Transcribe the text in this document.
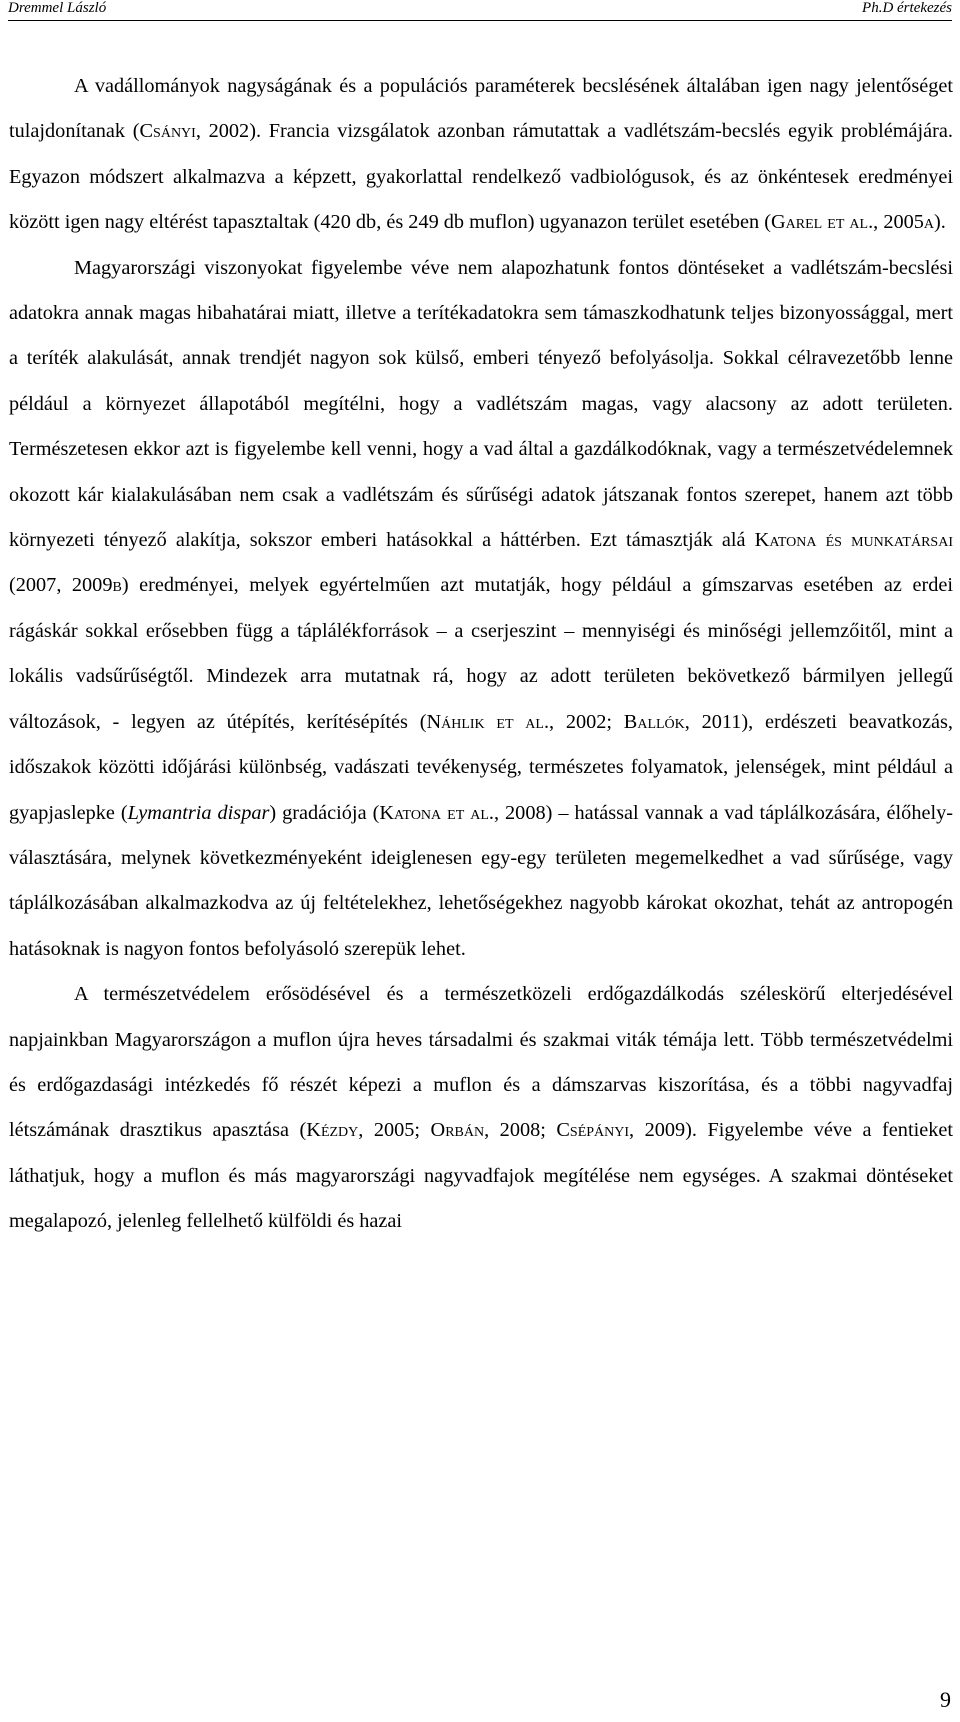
Dremmel László	Ph.D értekezés

A vadállományok nagyságának és a populációs paraméterek becslésének általában igen nagy jelentőséget tulajdonítanak (Csányi, 2002). Francia vizsgálatok azonban rámutattak a vadlétszám-becslés egyik problémájára. Egyazon módszert alkalmazva a képzett, gyakorlattal rendelkező vadbiológusok, és az önkéntesek eredményei között igen nagy eltérést tapasztaltak (420 db, és 249 db muflon) ugyanazon terület esetében (Garel et al., 2005a).

Magyarországi viszonyokat figyelembe véve nem alapozhatunk fontos döntéseket a vadlétszám-becslési adatokra annak magas hibahatárai miatt, illetve a terítékadatokra sem támaszkodhatunk teljes bizonyossággal, mert a teríték alakulását, annak trendjét nagyon sok külső, emberi tényező befolyásolja. Sokkal célravezetőbb lenne például a környezet állapotából megítélni, hogy a vadlétszám magas, vagy alacsony az adott területen. Természetesen ekkor azt is figyelembe kell venni, hogy a vad által a gazdálkodóknak, vagy a természetvédelemnek okozott kár kialakulásában nem csak a vadlétszám és sűrűségi adatok játszanak fontos szerepet, hanem azt több környezeti tényező alakítja, sokszor emberi hatásokkal a háttérben. Ezt támasztják alá Katona és munkatársai (2007, 2009b) eredményei, melyek egyértelműen azt mutatják, hogy például a gímszarvas esetében az erdei rágáskár sokkal erősebben függ a táplálékforrások – a cserjeszint – mennyiségi és minőségi jellemzőitől, mint a lokális vadsűrűségtől. Mindezek arra mutatnak rá, hogy az adott területen bekövetkező bármilyen jellegű változások, - legyen az útépítés, kerítésépítés (Náhlik et al., 2002; Ballók, 2011), erdészeti beavatkozás, időszakok közötti időjárási különbség, vadászati tevékenység, természetes folyamatok, jelenségek, mint például a gyapjaslepke (Lymantria dispar) gradációja (Katona et al., 2008) – hatással vannak a vad táplálkozására, élőhely-választására, melynek következményeként ideiglenesen egy-egy területen megemelkedhet a vad sűrűsége, vagy táplálkozásában alkalmazkodva az új feltételekhez, lehetőségekhez nagyobb károkat okozhat, tehát az antropogén hatásoknak is nagyon fontos befolyásoló szerepük lehet.

A természetvédelem erősödésével és a természetközeli erdőgazdálkodás széleskörű elterjedésével napjainkban Magyarországon a muflon újra heves társadalmi és szakmai viták témája lett. Több természetvédelmi és erdőgazdasági intézkedés fő részét képezi a muflon és a dámszarvas kiszorítása, és a többi nagyvadfaj létszámának drasztikus apasztása (Kézdy, 2005; Orbán, 2008; Csépányi, 2009). Figyelembe véve a fentieket láthatjuk, hogy a muflon és más magyarországi nagyvadfajok megítélése nem egységes. A szakmai döntéseket megalapozó, jelenleg fellelhető külföldi és hazai

9
